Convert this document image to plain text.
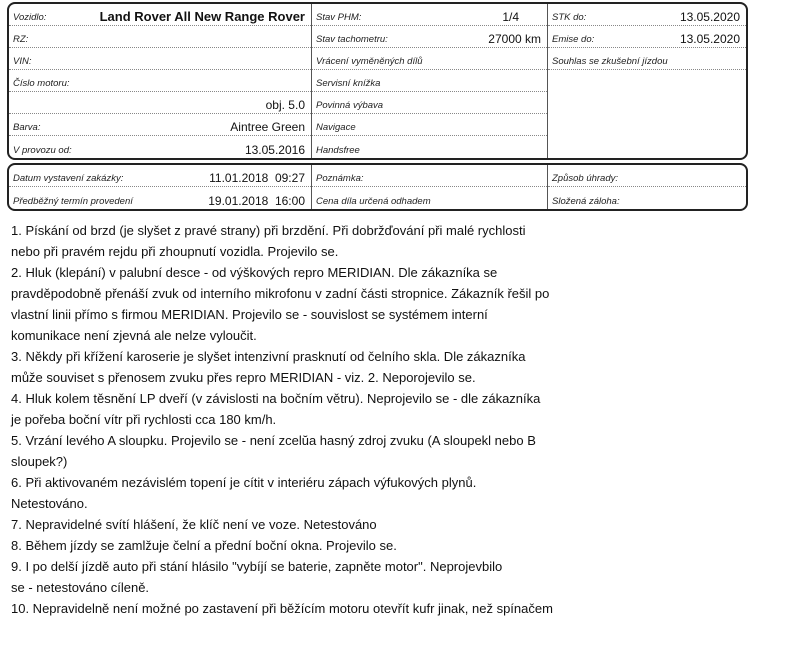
Vozidlo:	Land Rover All New Range Rover
RZ:
VIN:
Číslo motoru:
obj. 5.0
Barva:	Aintree Green
V provozu od:	13.05.2016
Stav PHM:	1/4
Stav tachometru:	27000 km
Vrácení vyměněných dílů
Servisní knížka
Povinná výbava
Navigace
Handsfree
STK do:	13.05.2020
Emise do:	13.05.2020
Souhlas se zkušební jízdou
Datum vystavení zakázky:	11.01.2018  09:27
Předběžný termín provedení	19.01.2018  16:00
Poznámka:
Cena díla určená odhadem
Způsob úhrady:
Složená záloha:
1. Pískání od brzd (je slyšet z pravé strany) při brzdění. Při dobržďování při malé rychlosti
nebo při pravém rejdu při zhoupnutí vozidla. Projevilo se.
2. Hluk (klepání) v palubní desce - od výškových repro MERIDIAN. Dle zákazníka se
pravděpodobně přenáší zvuk od interního mikrofonu v zadní části stropnice. Zákazník řešil po
vlastní linii přímo s firmou MERIDIAN. Projevilo se - souvislost se systémem interní
komunikace není zjevná ale nelze vyloučit.
3. Někdy při křížení karoserie je slyšet intenzivní prasknutí od čelního skla. Dle zákazníka
může souviset s přenosem zvuku přes repro MERIDIAN - viz. 2. Neporojevilo se.
4. Hluk kolem těsnění LP dveří (v závislosti na bočním větru). Neprojevilo se - dle zákazníka
je pořeba boční vítr při rychlosti cca 180 km/h.
5. Vrzání levého A sloupku. Projevilo se - není zcelŭa hasný zdroj zvuku (A sloupekl nebo B
sloupek?)
6. Při aktivovaném nezávislém topení je cítit v interiéru zápach výfukových plynů.
Netestováno.
7. Nepravidelné svítí hlášení, že klíč není ve voze. Netestováno
8. Během jízdy se zamlžuje čelní a přední boční okna. Projevilo se.
9. I po delší jízdě auto při stání hlásilo "vybíjí se baterie, zapněte motor". Neprojevbilo
se - netestováno cíleně.
10. Nepravidelně není možné po zastavení při běžícím motoru otevřít kufr jinak, než spínačem
